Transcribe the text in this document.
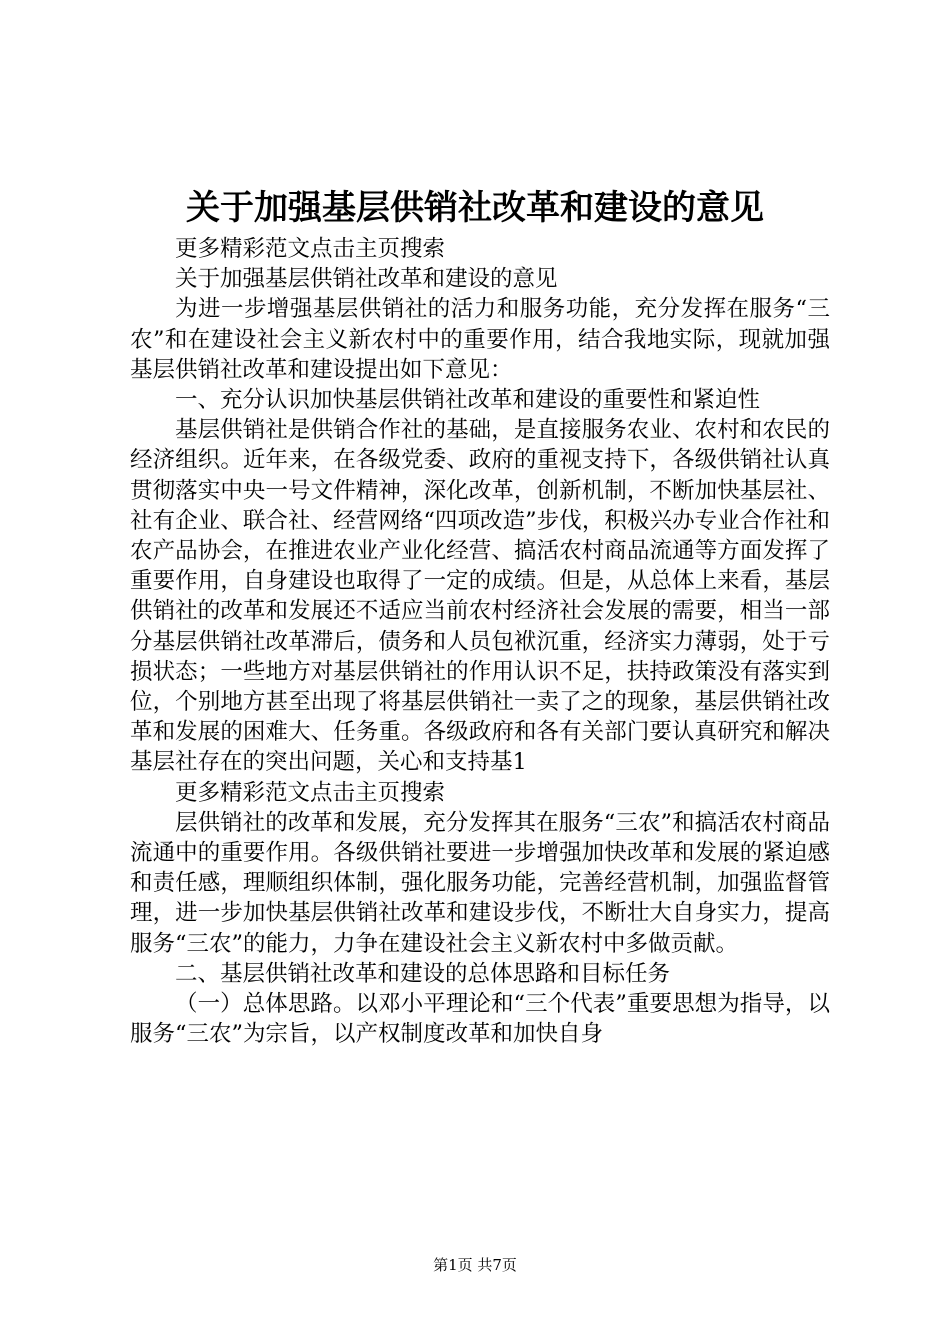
关于加强基层供销社改革和建设的意见

更多精彩范文点击主页搜索

关于加强基层供销社改革和建设的意见

为进一步增强基层供销社的活力和服务功能，充分发挥在服务“三农”和在建设社会主义新农村中的重要作用，结合我地实际，现就加强基层供销社改革和建设提出如下意见：

一、充分认识加快基层供销社改革和建设的重要性和紧迫性

基层供销社是供销合作社的基础，是直接服务农业、农村和农民的经济组织。近年来，在各级党委、政府的重视支持下，各级供销社认真贯彻落实中央一号文件精神，深化改革，创新机制，不断加快基层社、社有企业、联合社、经营网络“四项改造”步伐，积极兴办专业合作社和农产品协会，在推进农业产业化经营、搞活农村商品流通等方面发挥了重要作用，自身建设也取得了一定的成绩。但是，从总体上来看，基层供销社的改革和发展还不适应当前农村经济社会发展的需要，相当一部分基层供销社改革滞后，债务和人员包袱沉重，经济实力薄弱，处于亏损状态；一些地方对基层供销社的作用认识不足，扶持政策没有落实到位，个别地方甚至出现了将基层供销社一卖了之的现象，基层供销社改革和发展的困难大、任务重。各级政府和各有关部门要认真研究和解决基层社存在的突出问题，关心和支持基1

更多精彩范文点击主页搜索

层供销社的改革和发展，充分发挥其在服务“三农”和搞活农村商品流通中的重要作用。各级供销社要进一步增强加快改革和发展的紧迫感和责任感，理顺组织体制，强化服务功能，完善经营机制，加强监督管理，进一步加快基层供销社改革和建设步伐，不断壮大自身实力，提高服务“三农”的能力，力争在建设社会主义新农村中多做贡献。

二、基层供销社改革和建设的总体思路和目标任务

（一）总体思路。以邓小平理论和“三个代表”重要思想为指导，以服务“三农”为宗旨，以产权制度改革和加快自身

第1页 共7页
